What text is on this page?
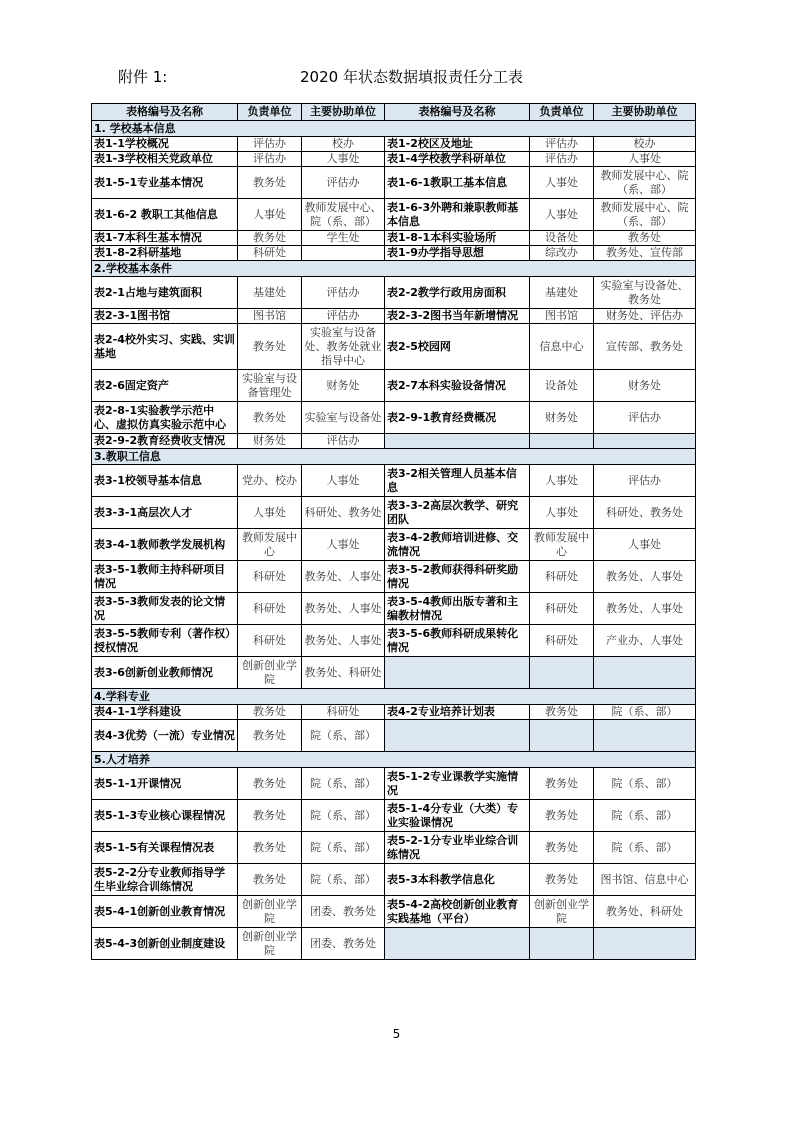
附件 1:	2020 年状态数据填报责任分工表
表格编号及名称	负责单位	主要协助单位	表格编号及名称	负责单位	主要协助单位
1. 学校基本信息					
表1-1学校概况	评估办	校办	表1-2校区及地址	评估办	校办
表1-3学校相关党政单位	评估办	人事处	表1-4学校教学科研单位	评估办	人事处
表1-5-1专业基本情况	教务处	评估办	表1-6-1教职工基本信息	人事处	教师发展中心、院（系、部）
表1-6-2 教职工其他信息	人事处	教师发展中心、院（系、部）	表1-6-3外聘和兼职教师基本信息	人事处	教师发展中心、院（系、部）
表1-7本科生基本情况	教务处	学生处	表1-8-1本科实验场所	设备处	教务处
表1-8-2科研基地	科研处		表1-9办学指导思想	综改办	教务处、宣传部
2.学校基本条件					
表2-1占地与建筑面积	基建处	评估办	表2-2教学行政用房面积	基建处	实验室与设备处、教务处
表2-3-1图书馆	图书馆	评估办	表2-3-2图书当年新增情况	图书馆	财务处、评估办
表2-4校外实习、实践、实训基地	教务处	实验室与设备处、教务处就业指导中心	表2-5校园网	信息中心	宣传部、教务处
表2-6固定资产	实验室与设备管理处	财务处	表2-7本科实验设备情况	设备处	财务处
表2-8-1实验教学示范中心、虚拟仿真实验示范中心	教务处	实验室与设备处	表2-9-1教育经费概况	财务处	评估办
表2-9-2教育经费收支情况	财务处	评估办			
3.教职工信息					
表3-1校领导基本信息	党办、校办	人事处	表3-2相关管理人员基本信息	人事处	评估办
表3-3-1高层次人才	人事处	科研处、教务处	表3-3-2高层次教学、研究团队	人事处	科研处、教务处
表3-4-1教师教学发展机构	教师发展中心	人事处	表3-4-2教师培训进修、交流情况	教师发展中心	人事处
表3-5-1教师主持科研项目情况	科研处	教务处、人事处	表3-5-2教师获得科研奖励情况	科研处	教务处、人事处
表3-5-3教师发表的论文情况	科研处	教务处、人事处	表3-5-4教师出版专著和主编教材情况	科研处	教务处、人事处
表3-5-5教师专利（著作权）授权情况	科研处	教务处、人事处	表3-5-6教师科研成果转化情况	科研处	产业办、人事处
表3-6创新创业教师情况	创新创业学院	教务处、科研处			
4.学科专业					
表4-1-1学科建设	教务处	科研处	表4-2专业培养计划表	教务处	院（系、部）
表4-3优势（一流）专业情况	教务处	院（系、部）			
5.人才培养					
表5-1-1开课情况	教务处	院（系、部）	表5-1-2专业课教学实施情况	教务处	院（系、部）
表5-1-3专业核心课程情况	教务处	院（系、部）	表5-1-4分专业（大类）专业实验课情况	教务处	院（系、部）
表5-1-5有关课程情况表	教务处	院（系、部）	表5-2-1分专业毕业综合训练情况	教务处	院（系、部）
表5-2-2分专业教师指导学生毕业综合训练情况	教务处	院（系、部）	表5-3本科教学信息化	教务处	图书馆、信息中心
表5-4-1创新创业教育情况	创新创业学院	团委、教务处	表5-4-2高校创新创业教育实践基地（平台）	创新创业学院	教务处、科研处
表5-4-3创新创业制度建设	创新创业学院	团委、教务处			
5
